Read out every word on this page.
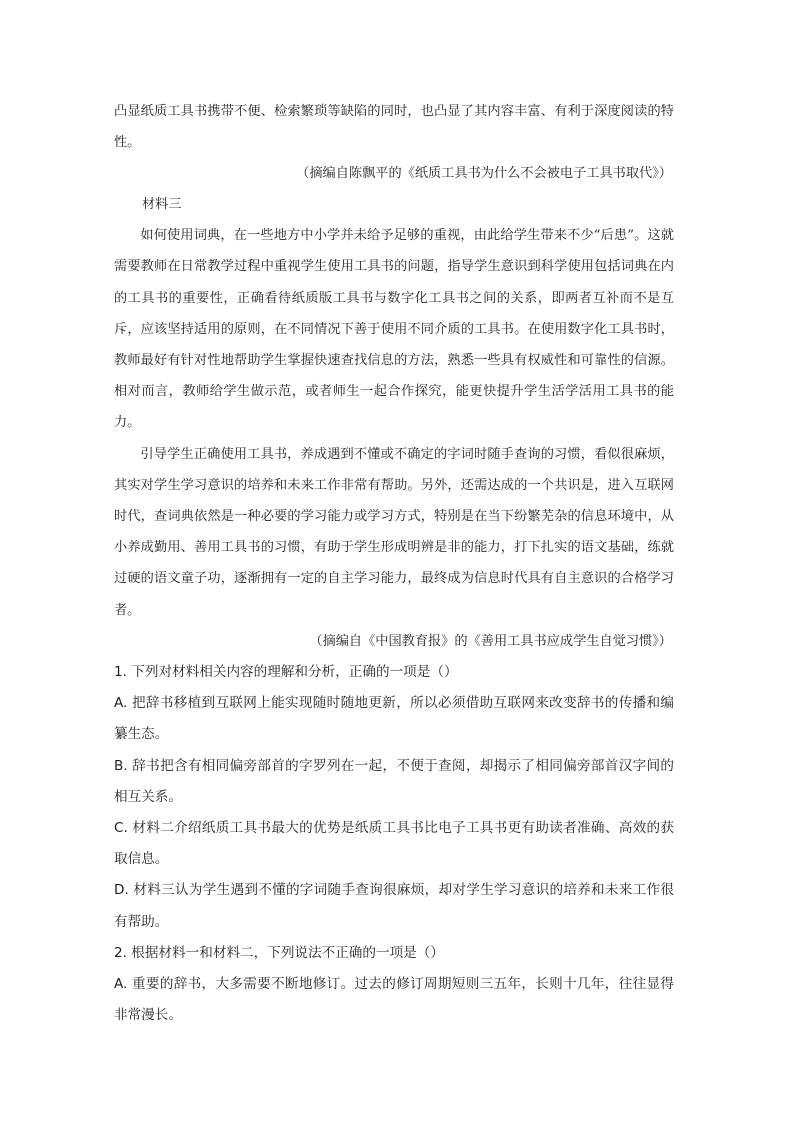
凸显纸质工具书携带不便、检索繁琐等缺陷的同时，也凸显了其内容丰富、有利于深度阅读的特性。

（摘编自陈飘平的《纸质工具书为什么不会被电子工具书取代》）

材料三

如何使用词典，在一些地方中小学并未给予足够的重视，由此给学生带来不少“后患”。这就需要教师在日常教学过程中重视学生使用工具书的问题，指导学生意识到科学使用包括词典在内的工具书的重要性，正确看待纸质版工具书与数字化工具书之间的关系，即两者互补而不是互斥，应该坚持适用的原则，在不同情况下善于使用不同介质的工具书。在使用数字化工具书时，教师最好有针对性地帮助学生掌握快速查找信息的方法，熟悉一些具有权威性和可靠性的信源。相对而言，教师给学生做示范，或者师生一起合作探究，能更快提升学生活学活用工具书的能力。

引导学生正确使用工具书，养成遇到不懂或不确定的字词时随手查询的习惯，看似很麻烦，其实对学生学习意识的培养和未来工作非常有帮助。另外，还需达成的一个共识是，进入互联网时代，查词典依然是一种必要的学习能力或学习方式，特别是在当下纷繁芜杂的信息环境中，从小养成勤用、善用工具书的习惯，有助于学生形成明辨是非的能力，打下扎实的语文基础，练就过硬的语文童子功，逐渐拥有一定的自主学习能力，最终成为信息时代具有自主意识的合格学习者。

（摘编自《中国教育报》的《善用工具书应成学生自觉习惯》）

1. 下列对材料相关内容的理解和分析，正确的一项是（）

A. 把辞书移植到互联网上能实现随时随地更新，所以必须借助互联网来改变辞书的传播和编纂生态。

B. 辞书把含有相同偏旁部首的字罗列在一起，不便于查阅，却揭示了相同偏旁部首汉字间的相互关系。

C. 材料二介绍纸质工具书最大的优势是纸质工具书比电子工具书更有助读者准确、高效的获取信息。

D. 材料三认为学生遇到不懂的字词随手查询很麻烦，却对学生学习意识的培养和未来工作很有帮助。

2. 根据材料一和材料二，下列说法不正确的一项是（）

A. 重要的辞书，大多需要不断地修订。过去的修订周期短则三五年，长则十几年，往往显得非常漫长。
